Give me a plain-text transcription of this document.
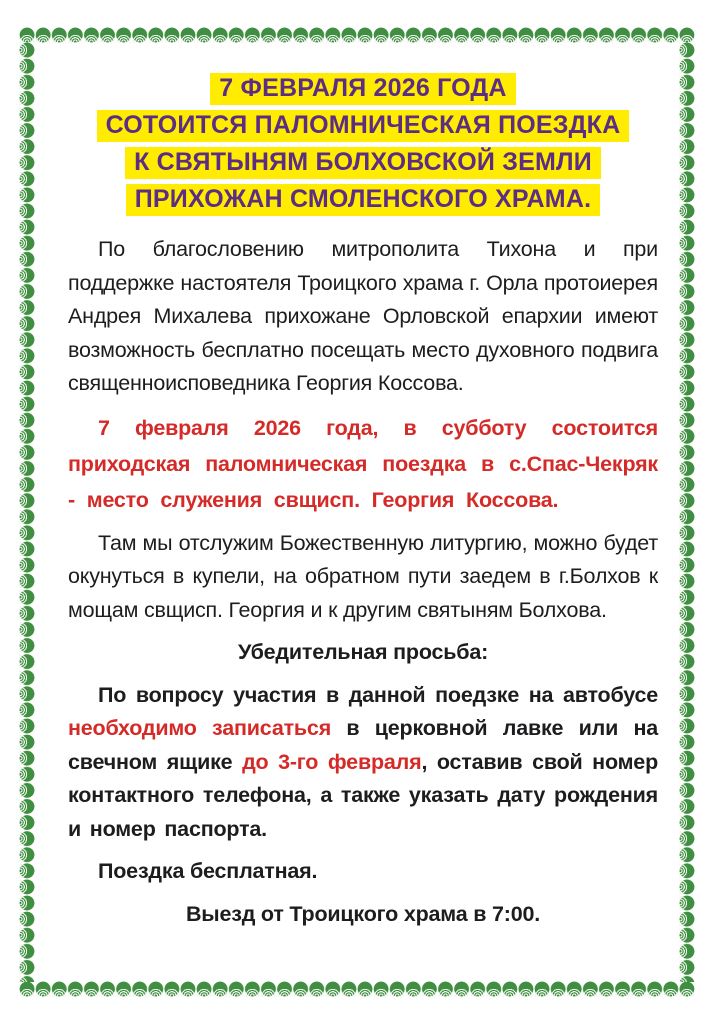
7 ФЕВРАЛЯ 2026 ГОДА
СОТОИТСЯ ПАЛОМНИЧЕСКАЯ ПОЕЗДКА
К СВЯТЫНЯМ БОЛХОВСКОЙ ЗЕМЛИ
ПРИХОЖАН СМОЛЕНСКОГО ХРАМА.

По благословению митрополита Тихона и при поддержке настоятеля Троицкого храма г. Орла протоиерея Андрея Михалева прихожане Орловской епархии имеют возможность бесплатно посещать место духовного подвига священноисповедника Георгия Коссова.

7 февраля 2026 года, в субботу состоится приходская паломническая поездка в с.Спас-Чекряк - место служения свщисп. Георгия Коссова.

Там мы отслужим Божественную литургию, можно будет окунуться в купели, на обратном пути заедем в г.Болхов к мощам свщисп. Георгия и к другим святыням Болхова.

Убедительная просьба:

По вопросу участия в данной поедзке на автобусе необходимо записаться в церковной лавке или на свечном ящике до 3-го февраля, оставив свой номер контактного телефона, а также указать дату рождения и номер паспорта.

Поездка бесплатная.

Выезд от Троицкого храма в 7:00.
